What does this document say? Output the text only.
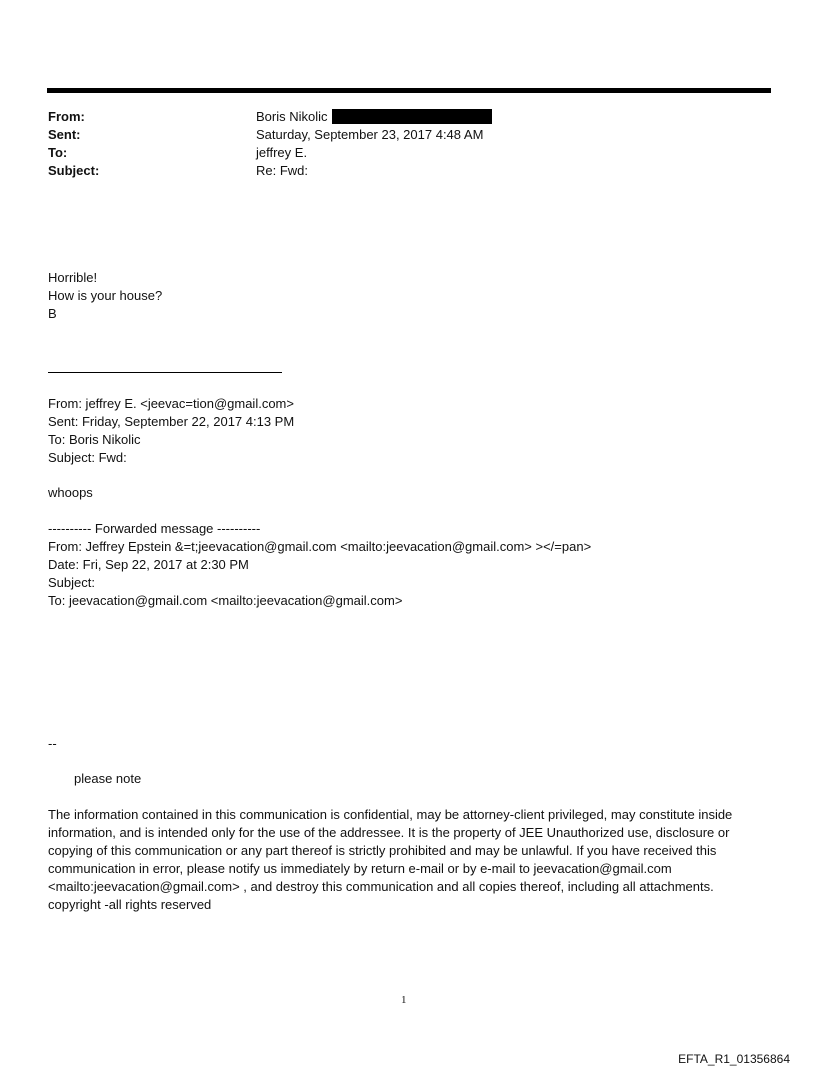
From:	Boris Nikolic
Sent:	Saturday, September 23, 2017 4:48 AM
To:	jeffrey E.
Subject:	Re: Fwd:
Horrible!
How is your house?
B
From: jeffrey E. <jeevac=tion@gmail.com>
Sent: Friday, September 22, 2017 4:13 PM
To: Boris Nikolic
Subject: Fwd:
whoops
---------- Forwarded message ----------
From: Jeffrey Epstein &=t;jeevacation@gmail.com <mailto:jeevacation@gmail.com> ></=pan>
Date: Fri, Sep 22, 2017 at 2:30 PM
Subject:
To: jeevacation@gmail.com <mailto:jeevacation@gmail.com>
--
please note
The information contained in this communication is confidential, may be attorney-client privileged, may constitute inside information, and is intended only for the use of the addressee. It is the property of JEE Unauthorized use, disclosure or copying of this communication or any part thereof is strictly prohibited and may be unlawful. If you have received this communication in error, please notify us immediately by return e-mail or by e-mail to jeevacation@gmail.com <mailto:jeevacation@gmail.com> , and destroy this communication and all copies thereof, including all attachments. copyright -all rights reserved
1
EFTA_R1_01356864
